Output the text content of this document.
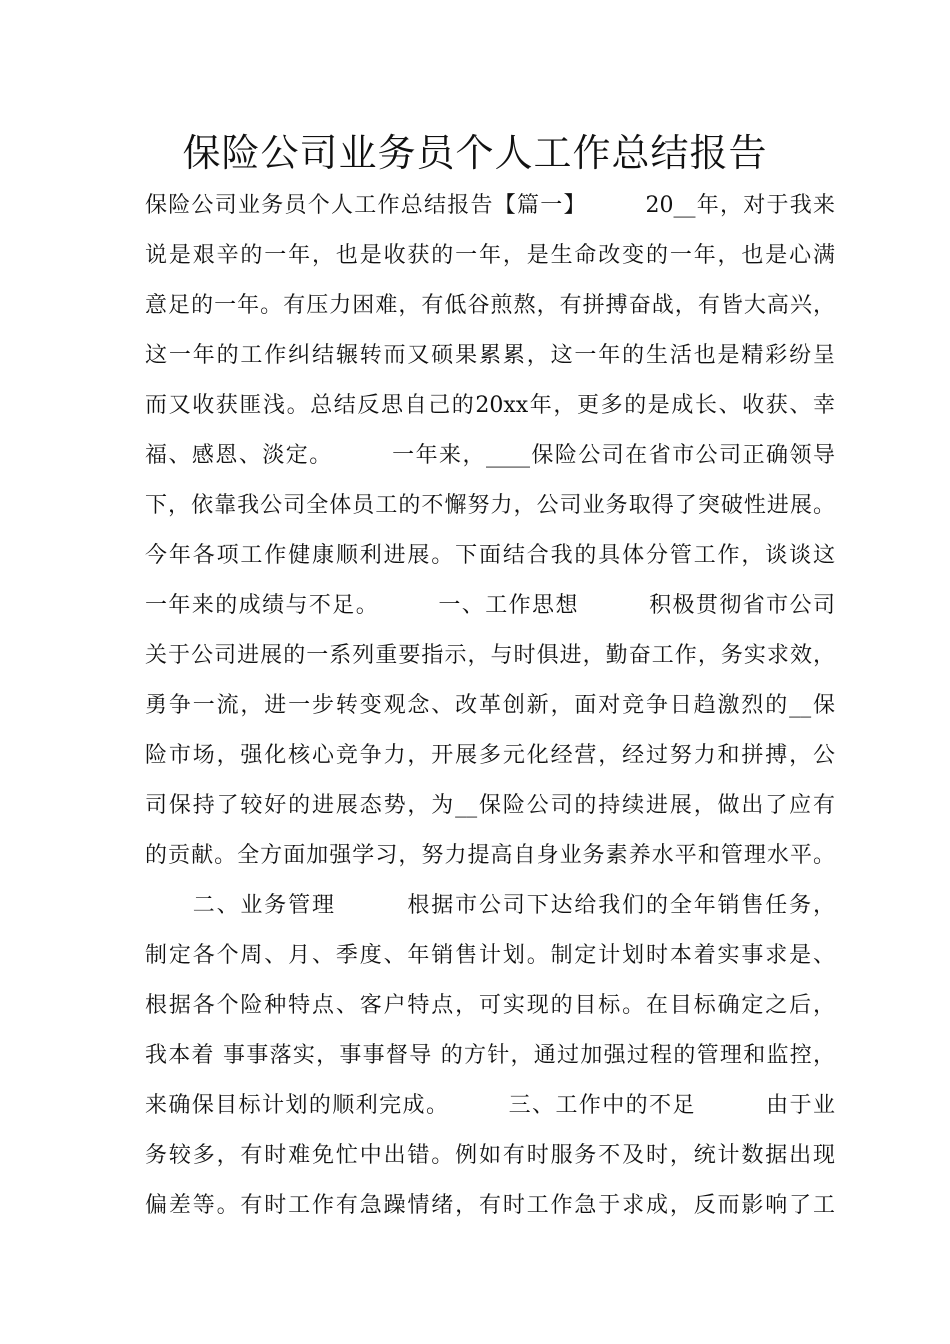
保险公司业务员个人工作总结报告
保险公司业务员个人工作总结报告【篇一】　　　20__年，对于我来
说是艰辛的一年，也是收获的一年，是生命改变的一年，也是心满
意足的一年。有压力困难，有低谷煎熬，有拼搏奋战，有皆大高兴，
这一年的工作纠结辗转而又硕果累累，这一年的生活也是精彩纷呈
而又收获匪浅。总结反思自己的20xx年，更多的是成长、收获、幸
福、感恩、淡定。　　　一年来，____保险公司在省市公司正确领导
下，依靠我公司全体员工的不懈努力，公司业务取得了突破性进展。
今年各项工作健康顺利进展。下面结合我的具体分管工作，谈谈这
一年来的成绩与不足。　　　一、工作思想　　　积极贯彻省市公司
关于公司进展的一系列重要指示，与时俱进，勤奋工作，务实求效，
勇争一流，进一步转变观念、改革创新，面对竞争日趋激烈的__保
险市场，强化核心竞争力，开展多元化经营，经过努力和拼搏，公
司保持了较好的进展态势，为__保险公司的持续进展，做出了应有
的贡献。全方面加强学习，努力提高自身业务素养水平和管理水平。
　　二、业务管理　　　根据市公司下达给我们的全年销售任务，
制定各个周、月、季度、年销售计划。制定计划时本着实事求是、
根据各个险种特点、客户特点，可实现的目标。在目标确定之后，
我本着 事事落实，事事督导 的方针，通过加强过程的管理和监控，
来确保目标计划的顺利完成。　　　三、工作中的不足　　　由于业
务较多，有时难免忙中出错。例如有时服务不及时，统计数据出现
偏差等。有时工作有急躁情绪，有时工作急于求成，反而影响了工
